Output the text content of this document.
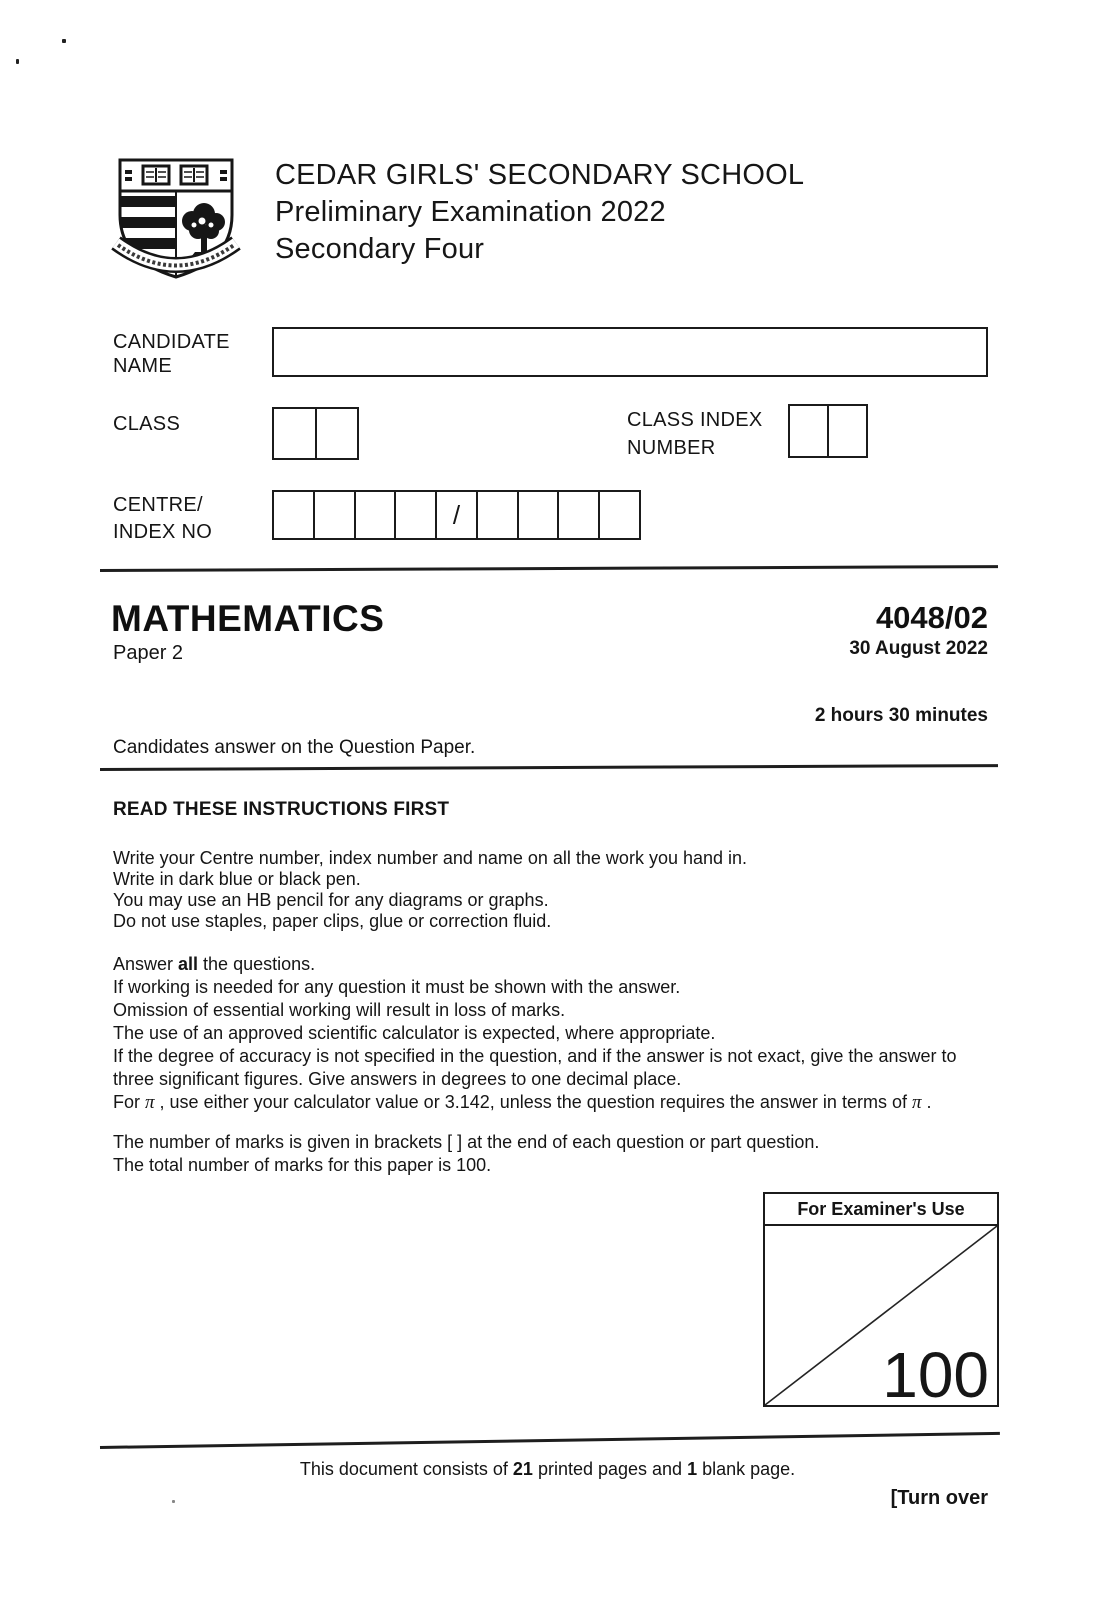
CEDAR GIRLS' SECONDARY SCHOOL
Preliminary Examination 2022
Secondary Four
CANDIDATE
NAME
CLASS	CLASS INDEX
NUMBER
CENTRE/
INDEX NO
/
MATHEMATICS
Paper 2
4048/02
30 August 2022
2 hours 30 minutes
Candidates answer on the Question Paper.
READ THESE INSTRUCTIONS FIRST
Write your Centre number, index number and name on all the work you hand in.
Write in dark blue or black pen.
You may use an HB pencil for any diagrams or graphs.
Do not use staples, paper clips, glue or correction fluid.
Answer all the questions.
If working is needed for any question it must be shown with the answer.
Omission of essential working will result in loss of marks.
The use of an approved scientific calculator is expected, where appropriate.
If the degree of accuracy is not specified in the question, and if the answer is not exact, give the answer to
three significant figures. Give answers in degrees to one decimal place.
For π , use either your calculator value or 3.142, unless the question requires the answer in terms of π .
The number of marks is given in brackets [ ] at the end of each question or part question.
The total number of marks for this paper is 100.
For Examiner's Use
100
This document consists of 21 printed pages and 1 blank page.
[Turn over
